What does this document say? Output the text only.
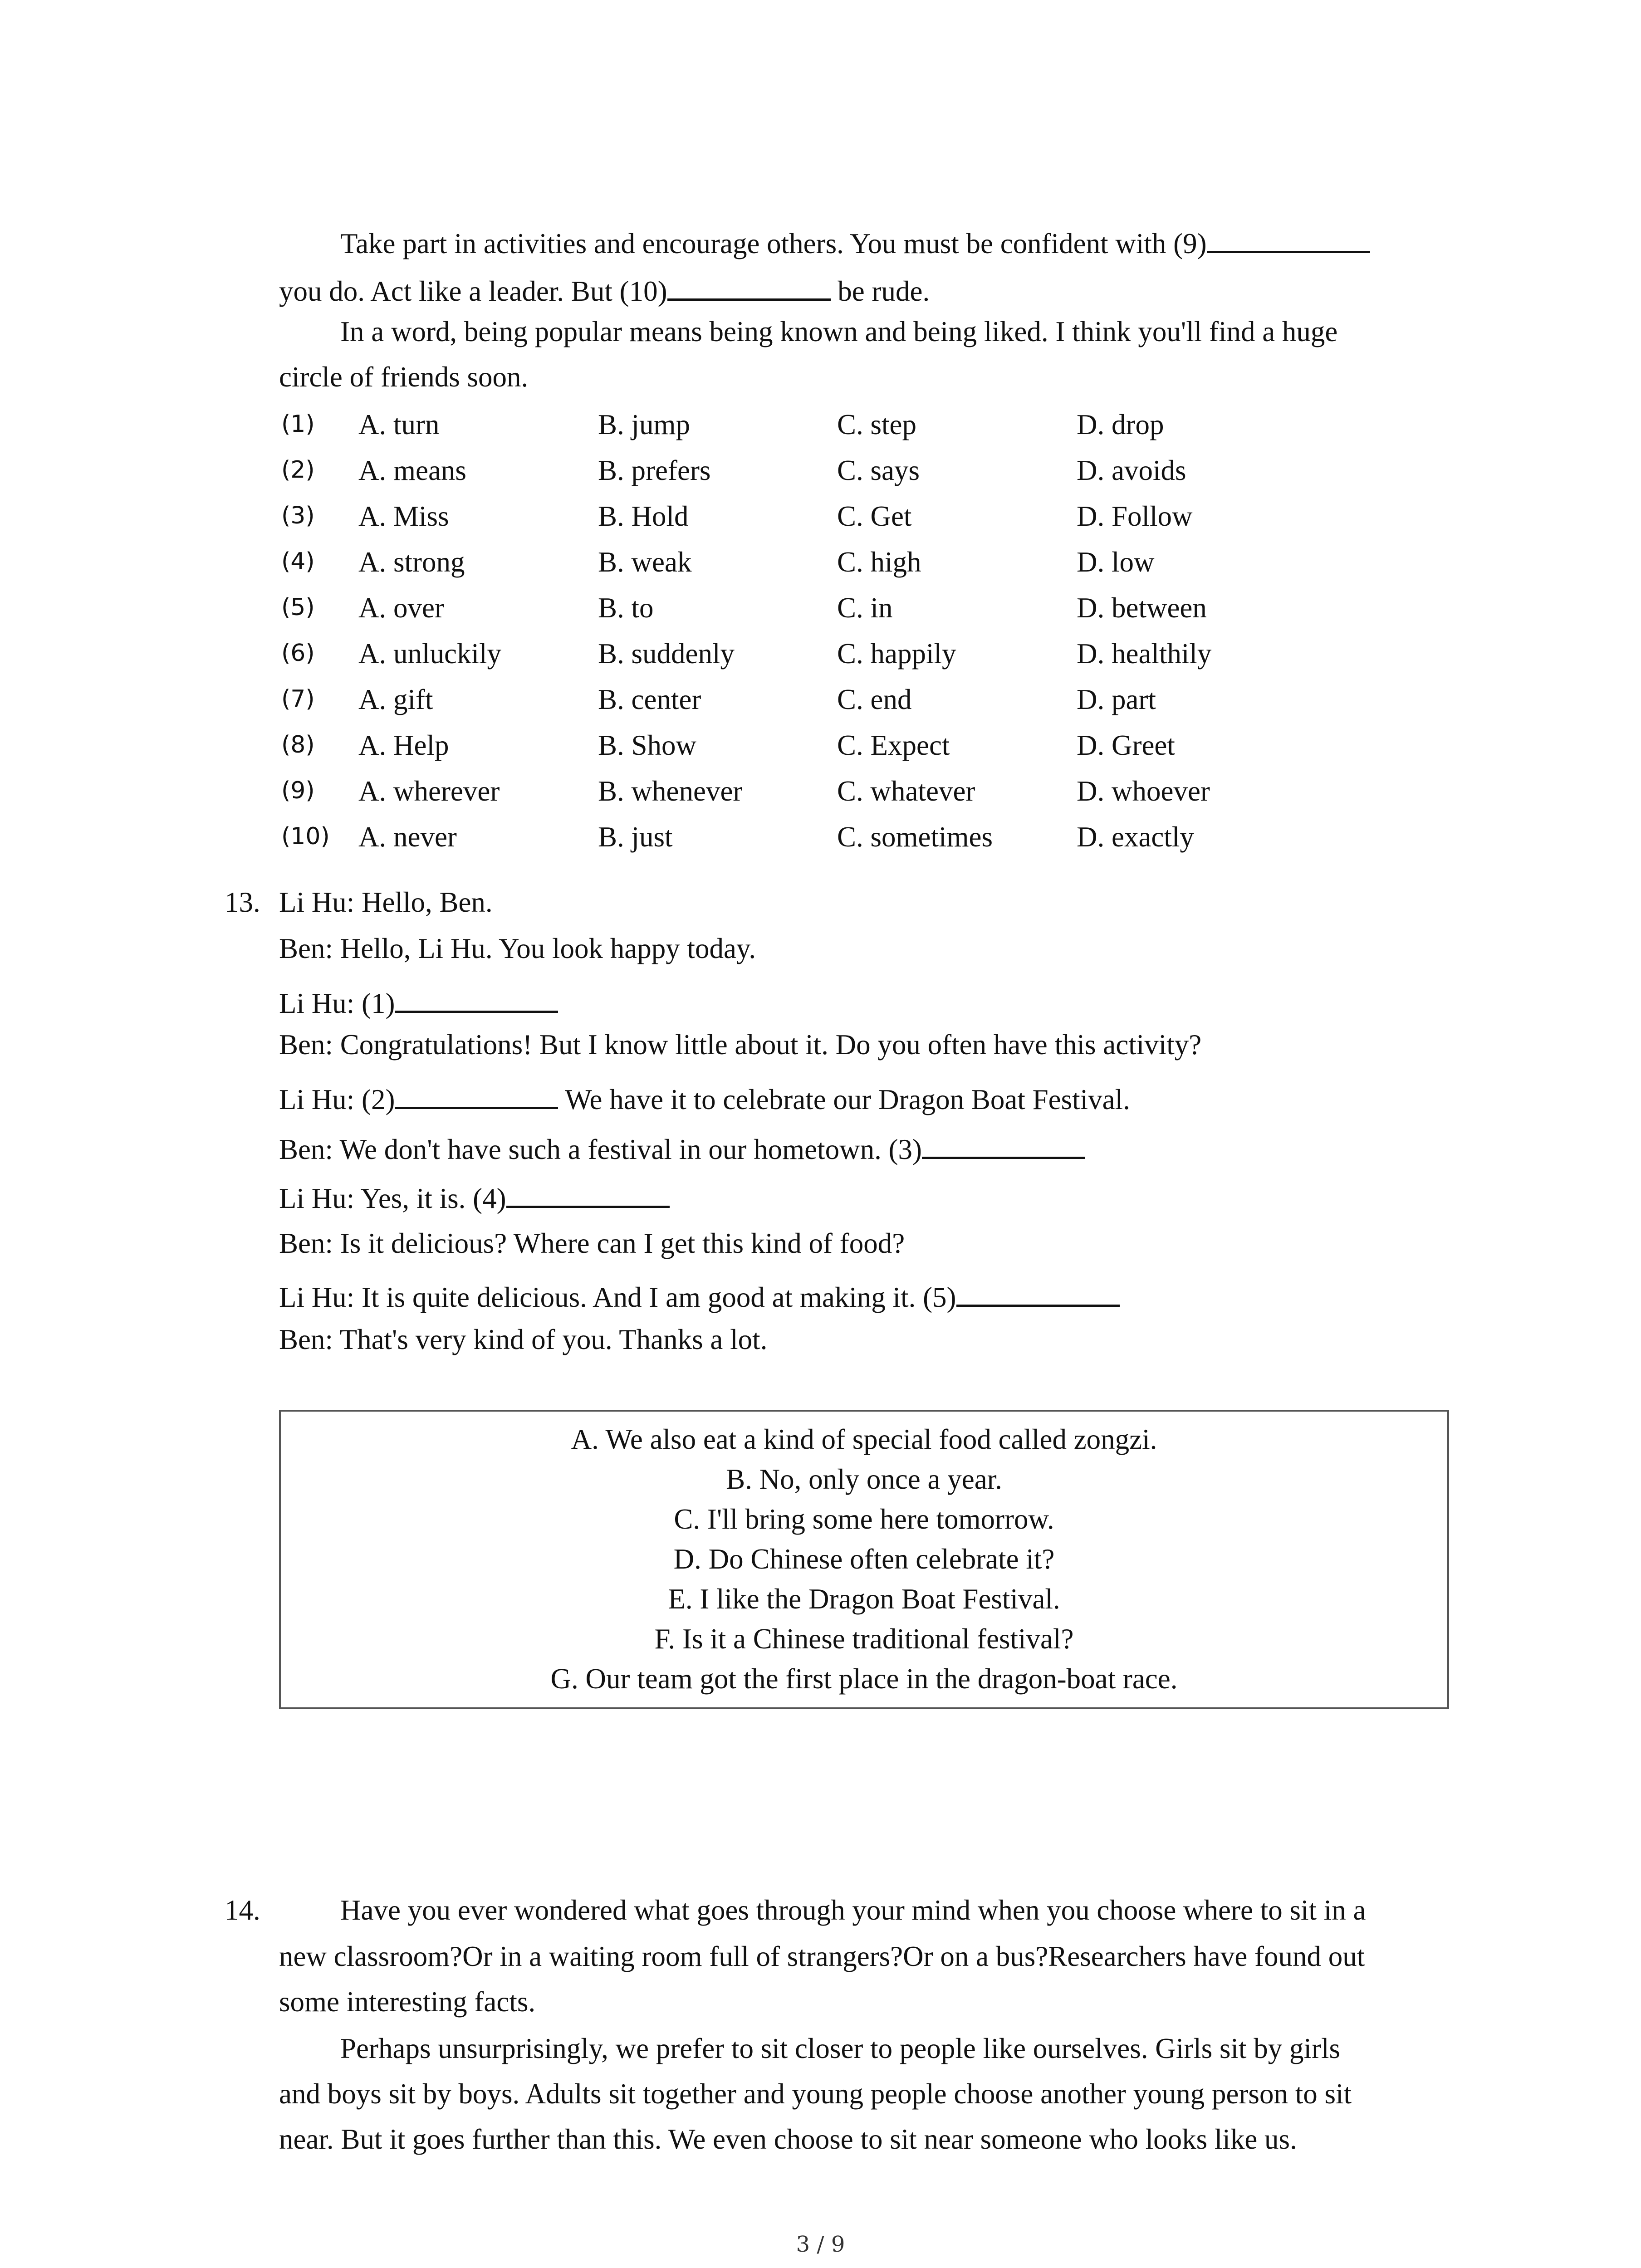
Take part in activities and encourage others. You must be confident with (9)
you do. Act like a leader. But (10)	be rude.
In a word, being popular means being known and being liked. I think you'll find a huge
circle of friends soon.
(1) A. turn	B. jump	C. step	D. drop
(2) A. means	B. prefers	C. says	D. avoids
(3) A. Miss	B. Hold	C. Get	D. Follow
(4) A. strong	B. weak	C. high	D. low
(5) A. over	B. to	C. in	D. between
(6) A. unluckily	B. suddenly	C. happily	D. healthily
(7) A. gift	B. center	C. end	D. part
(8) A. Help	B. Show	C. Expect	D. Greet
(9) A. wherever	B. whenever	C. whatever	D. whoever
(10) A. never	B. just	C. sometimes	D. exactly
13. Li Hu: Hello, Ben.
Ben: Hello, Li Hu. You look happy today.
Li Hu: (1)
Ben: Congratulations! But I know little about it. Do you often have this activity?
Li Hu: (2)	We have it to celebrate our Dragon Boat Festival.
Ben: We don't have such a festival in our hometown. (3)
Li Hu: Yes, it is. (4)
Ben: Is it delicious? Where can I get this kind of food?
Li Hu: It is quite delicious. And I am good at making it. (5)
Ben: That's very kind of you. Thanks a lot.
A. We also eat a kind of special food called zongzi.
B. No, only once a year.
C. I'll bring some here tomorrow.
D. Do Chinese often celebrate it?
E. I like the Dragon Boat Festival.
F. Is it a Chinese traditional festival?
G. Our team got the first place in the dragon-boat race.
14.	Have you ever wondered what goes through your mind when you choose where to sit in a
new classroom?Or in a waiting room full of strangers?Or on a bus?Researchers have found out
some interesting facts.
Perhaps unsurprisingly, we prefer to sit closer to people like ourselves. Girls sit by girls
and boys sit by boys. Adults sit together and young people choose another young person to sit
near. But it goes further than this. We even choose to sit near someone who looks like us.
3 / 9
